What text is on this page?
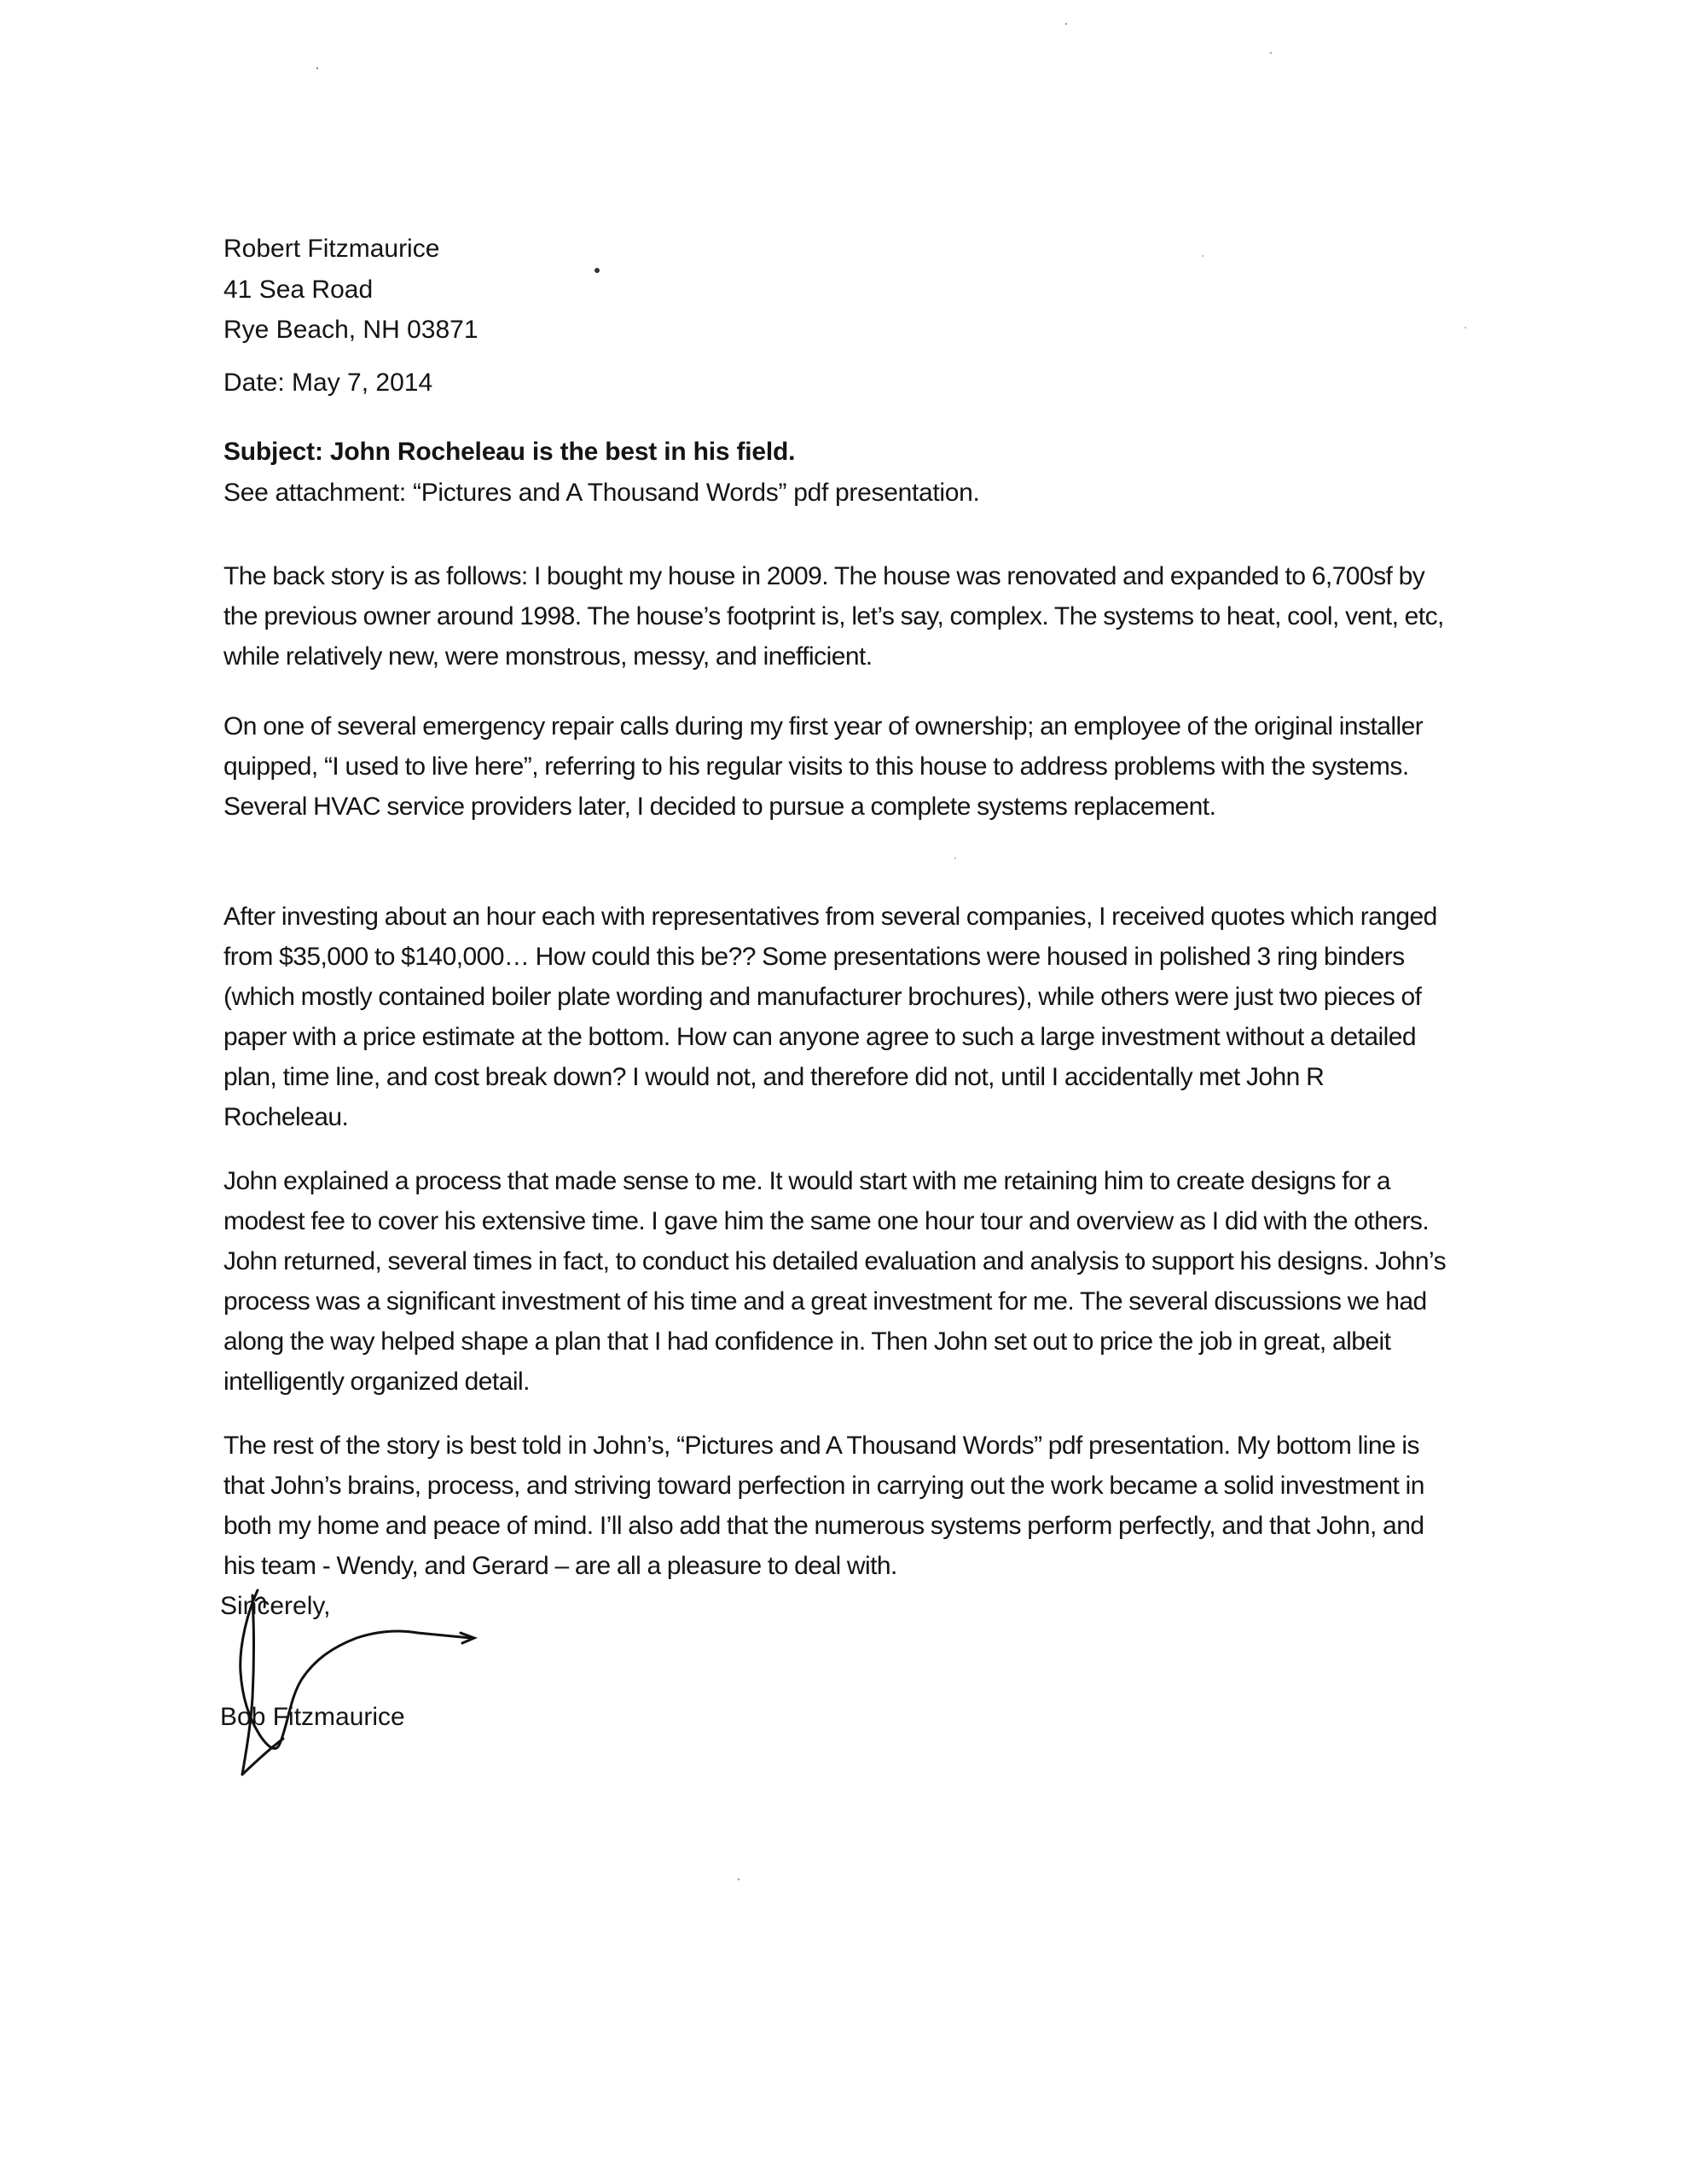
Robert Fitzmaurice
41 Sea Road
Rye Beach, NH 03871
Date: May 7, 2014
Subject: John Rocheleau is the best in his field.
See attachment: “Pictures and A Thousand Words” pdf presentation.

The back story is as follows: I bought my house in 2009. The house was renovated and expanded to 6,700sf by the previous owner around 1998. The house’s footprint is, let’s say, complex. The systems to heat, cool, vent, etc, while relatively new, were monstrous, messy, and inefficient.

On one of several emergency repair calls during my first year of ownership; an employee of the original installer quipped, “I used to live here”, referring to his regular visits to this house to address problems with the systems. Several HVAC service providers later, I decided to pursue a complete systems replacement.

After investing about an hour each with representatives from several companies, I received quotes which ranged from $35,000 to $140,000… How could this be?? Some presentations were housed in polished 3 ring binders (which mostly contained boiler plate wording and manufacturer brochures), while others were just two pieces of paper with a price estimate at the bottom. How can anyone agree to such a large investment without a detailed plan, time line, and cost break down? I would not, and therefore did not, until I accidentally met John R Rocheleau.

John explained a process that made sense to me. It would start with me retaining him to create designs for a modest fee to cover his extensive time. I gave him the same one hour tour and overview as I did with the others. John returned, several times in fact, to conduct his detailed evaluation and analysis to support his designs. John’s process was a significant investment of his time and a great investment for me. The several discussions we had along the way helped shape a plan that I had confidence in. Then John set out to price the job in great, albeit intelligently organized detail.

The rest of the story is best told in John’s, “Pictures and A Thousand Words” pdf presentation. My bottom line is that John’s brains, process, and striving toward perfection in carrying out the work became a solid investment in both my home and peace of mind. I’ll also add that the numerous systems perform perfectly, and that John, and his team - Wendy, and Gerard – are all a pleasure to deal with.

Sincerely,
Bob Fitzmaurice
